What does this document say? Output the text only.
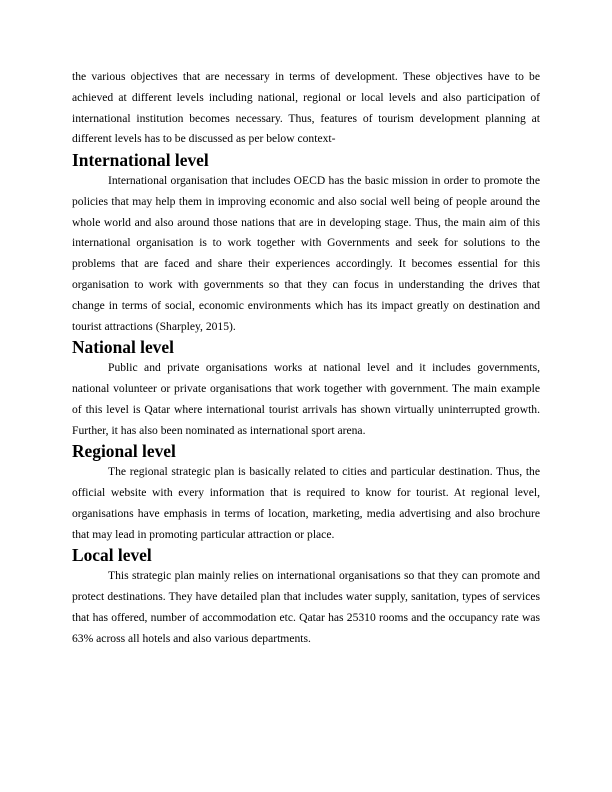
the various objectives that are necessary in terms of development. These objectives have to be achieved at different levels including national, regional or local levels and also participation of international institution becomes necessary. Thus, features of tourism development planning at different levels has to be discussed as per below context-

International level

International organisation that includes OECD has the basic mission in order to promote the policies that may help them in improving economic and also social well being of people around the whole world and also around those nations that are in developing stage. Thus, the main aim of this international organisation is to work together with Governments and seek for solutions to the problems that are faced and share their experiences accordingly. It becomes essential for this organisation to work with governments so that they can focus in understanding the drives that change in terms of social, economic environments which has its impact greatly on destination and tourist attractions (Sharpley, 2015).

National level

Public and private organisations works at national level and it includes governments, national volunteer or private organisations that work together with government. The main example of this level is Qatar where international tourist arrivals has shown virtually uninterrupted growth. Further, it has also been nominated as international sport arena.

Regional level

The regional strategic plan is basically related to cities and particular destination. Thus, the official website with every information that is required to know for tourist. At regional level, organisations have emphasis in terms of location, marketing, media advertising and also brochure that may lead in promoting particular attraction or place.

Local level

This strategic plan mainly relies on international organisations so that they can promote and protect destinations. They have detailed plan that includes water supply, sanitation, types of services that has offered, number of accommodation etc. Qatar has 25310 rooms and the occupancy rate was 63% across all hotels and also various departments.
